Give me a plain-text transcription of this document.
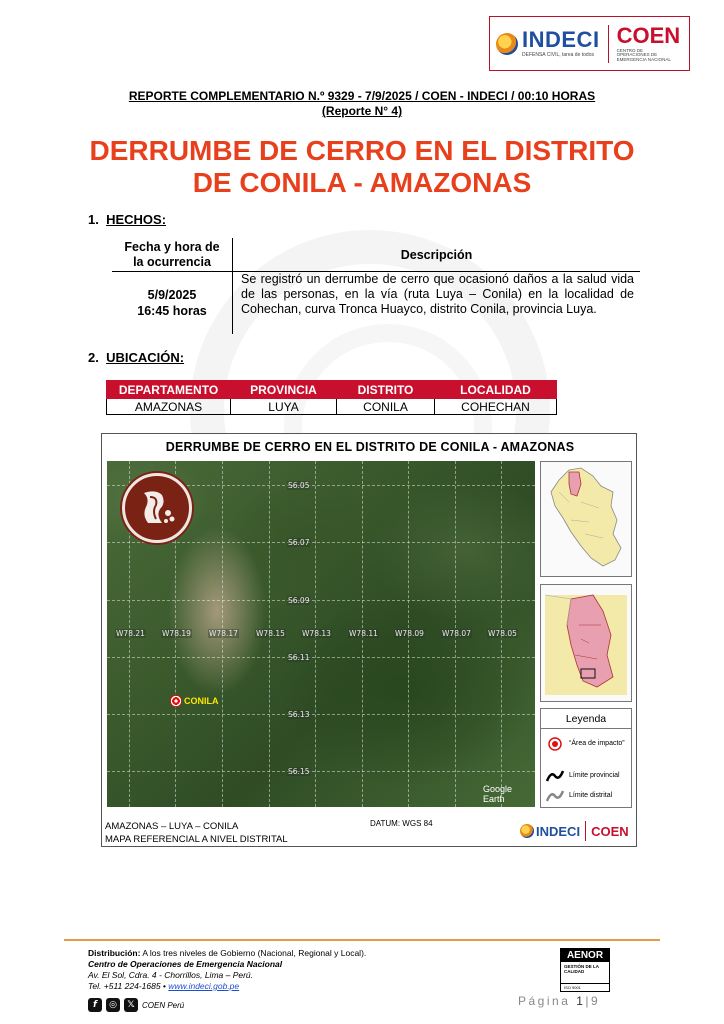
INDECI
DEFENSA CIVIL, tarea de todos
COEN
CENTRO DE OPERACIONES DE EMERGENCIA NACIONAL
REPORTE COMPLEMENTARIO N.º 9329 - 7/9/2025 / COEN - INDECI / 00:10 HORAS
(Reporte N° 4)
DERRUMBE DE CERRO EN EL DISTRITO
DE CONILA - AMAZONAS
1. HECHOS:
Fecha y hora de
la ocurrencia	Descripción
5/9/2025
16:45 horas
Se registró un derrumbe de cerro que ocasionó daños a la salud vida de las personas, en la vía (ruta Luya – Conila) en la localidad de Cohechan, curva Tronca Huayco, distrito Conila, provincia Luya.
2. UBICACIÓN:
DEPARTAMENTO	PROVINCIA	DISTRITO	LOCALIDAD
AMAZONAS	LUYA	CONILA	COHECHAN
DERRUMBE DE CERRO EN EL DISTRITO DE CONILA - AMAZONAS
S6.05
S6.07
S6.09
S6.11
S6.13
S6.15
W78.21 W78.19 W78.17 W78.15 W78.13 W78.11 W78.09 W78.07 W78.05
CONILA
Google Earth
Leyenda
“Área de impacto”
Límite provincial
Límite distrital
AMAZONAS – LUYA – CONILA
MAPA REFERENCIAL A NIVEL DISTRITAL
DATUM: WGS 84	INDECI COEN
Distribución: A los tres niveles de Gobierno (Nacional, Regional y Local).
Centro de Operaciones de Emergencia Nacional
Av. El Sol, Cdra. 4 - Chorrillos, Lima – Perú.
Tel. +511 224-1685 • www.indeci.gob.pe
f	◎	𝕏 COEN Perú
AENOR
GESTIÓN DE LA CALIDAD
ISO 9001
Página 1|9
